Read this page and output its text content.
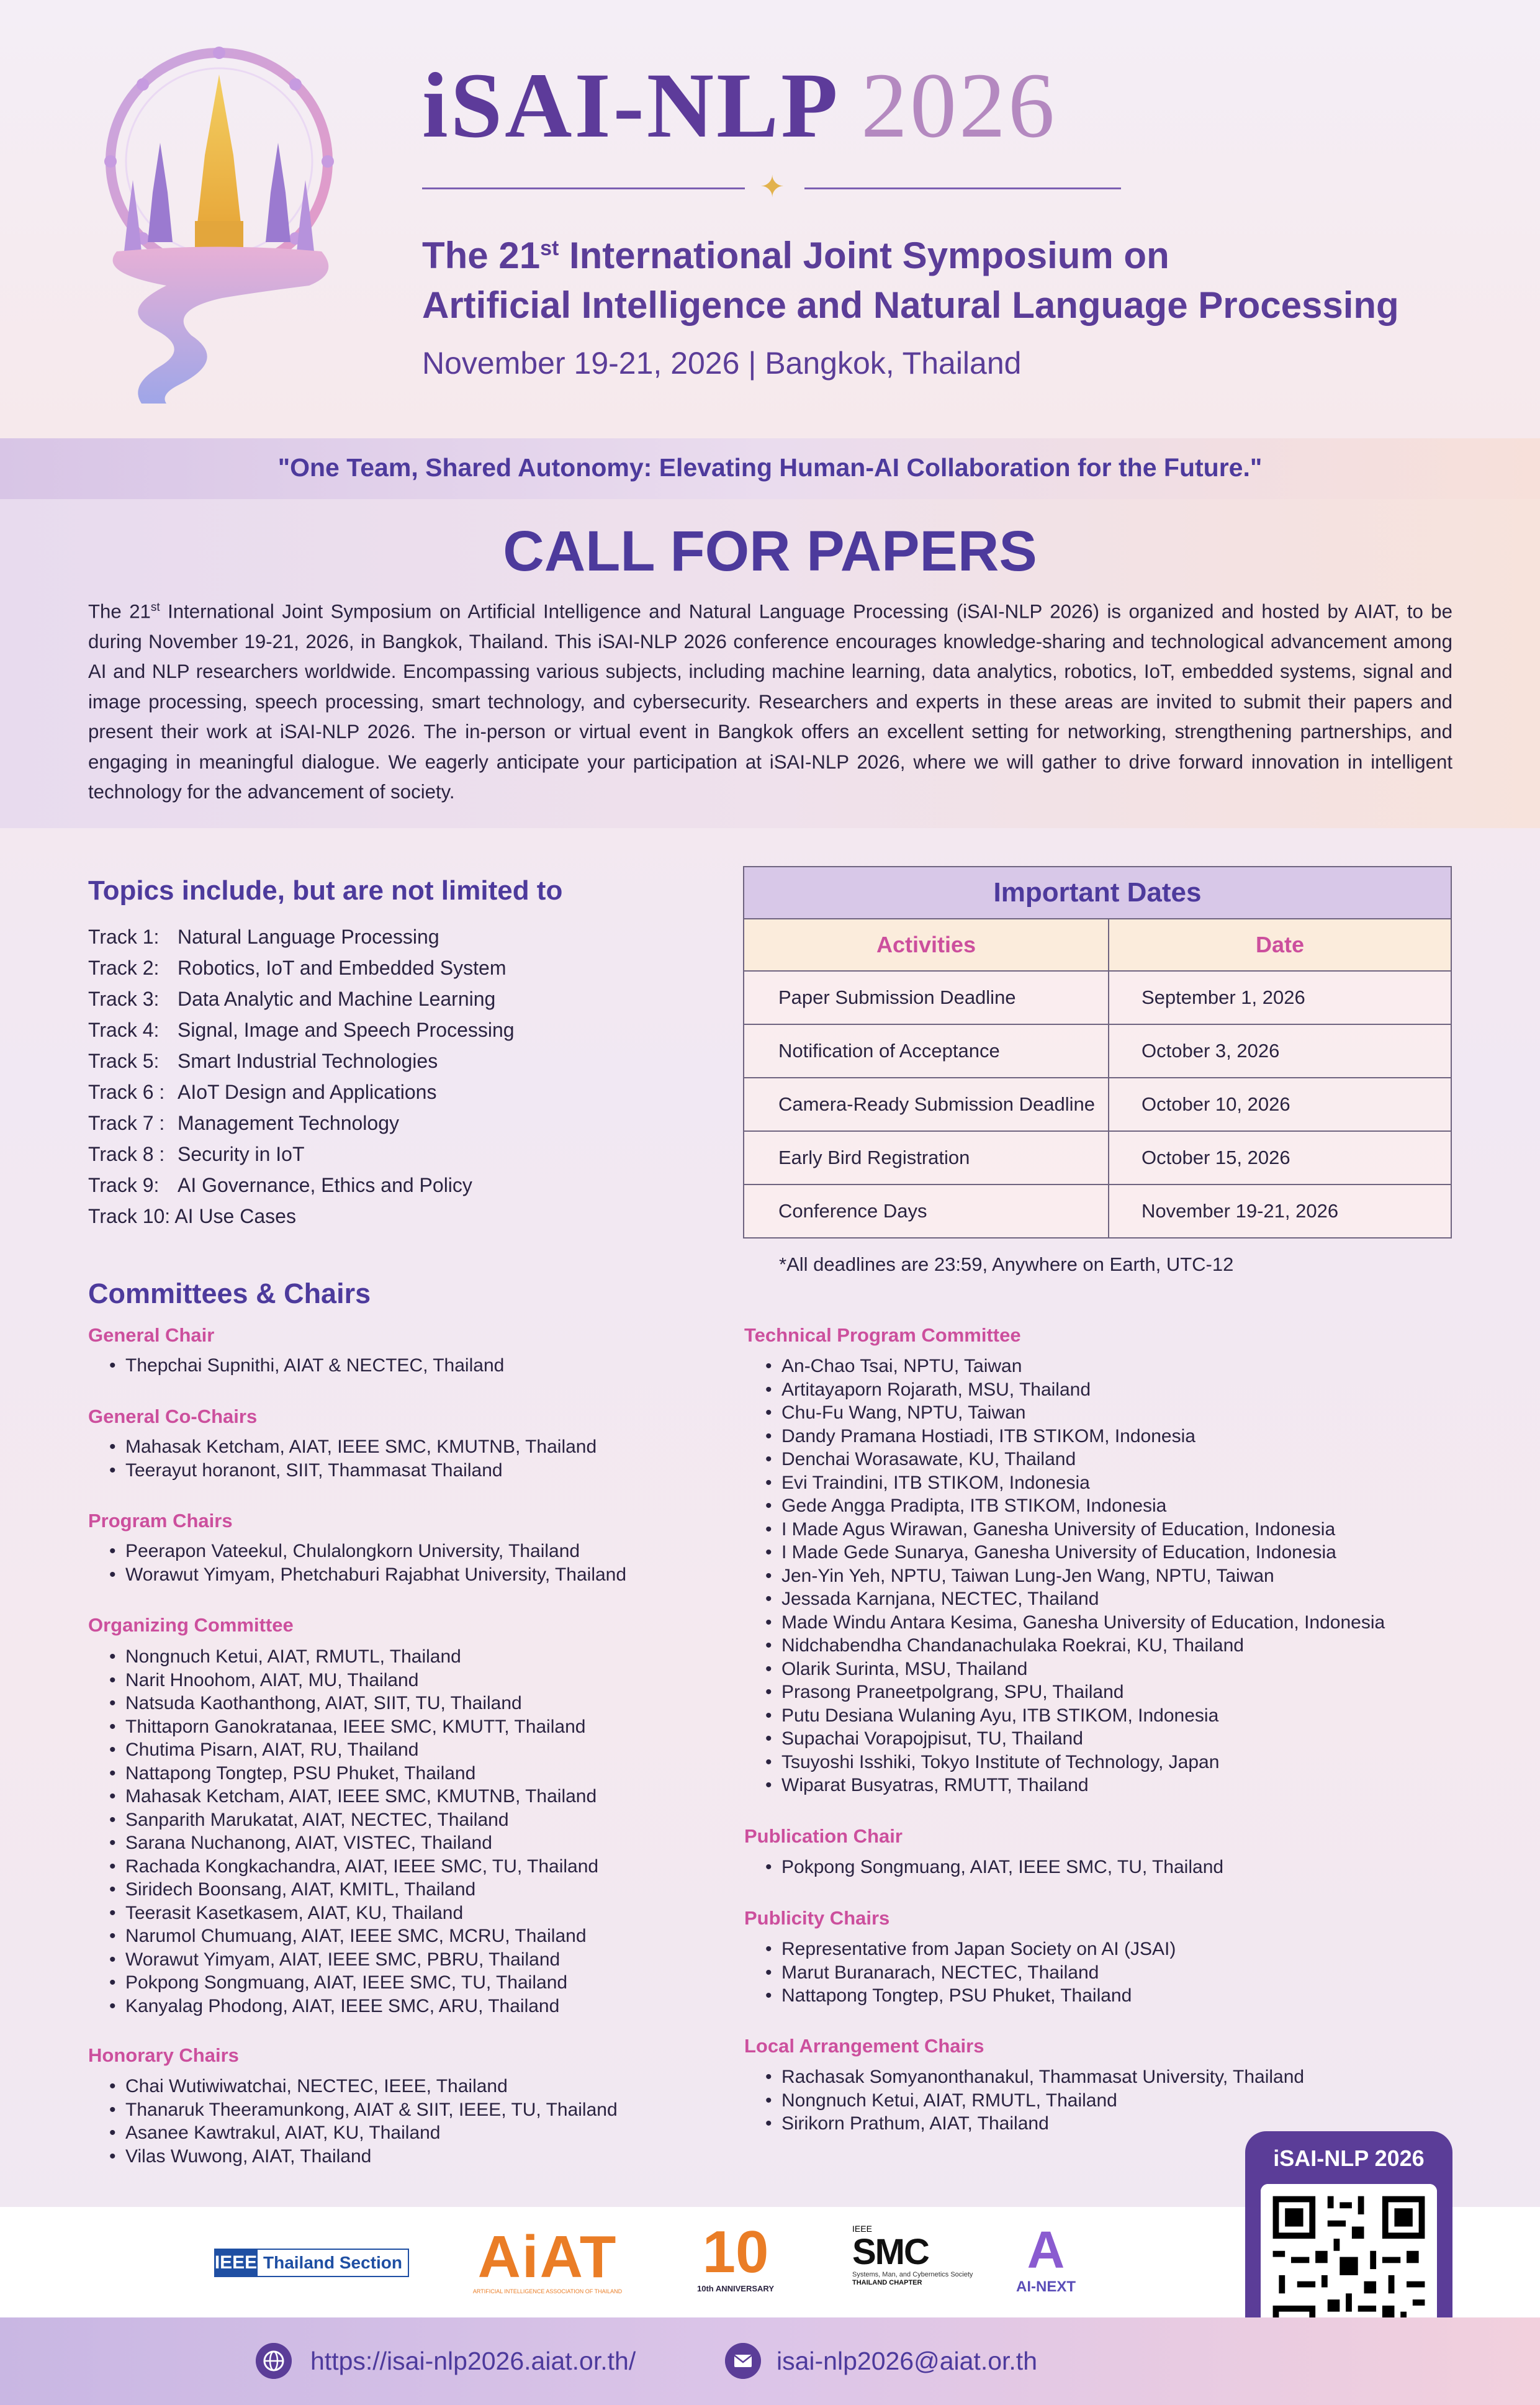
iSAI-NLP 2026
✦
The 21st International Joint Symposium on
Artificial Intelligence and Natural Language Processing
November 19-21, 2026 | Bangkok, Thailand
"One Team, Shared Autonomy: Elevating Human-AI Collaboration for the Future."
CALL FOR PAPERS
The 21st International Joint Symposium on Artificial Intelligence and Natural Language Processing (iSAI-NLP 2026) is organized and hosted by AIAT, to be during November 19-21, 2026, in Bangkok, Thailand. This iSAI-NLP 2026 conference encourages knowledge-sharing and technological advancement among AI and NLP researchers worldwide. Encompassing various subjects, including machine learning, data analytics, robotics, IoT, embedded systems, signal and image processing, speech processing, smart technology, and cybersecurity. Researchers and experts in these areas are invited to submit their papers and present their work at iSAI-NLP 2026. The in-person or virtual event in Bangkok offers an excellent setting for networking, strengthening partnerships, and engaging in meaningful dialogue. We eagerly anticipate your participation at iSAI-NLP 2026, where we will gather to drive forward innovation in intelligent technology for the advancement of society.
Topics include, but are not limited to
Track 1: Natural Language Processing
Track 2: Robotics, IoT and Embedded System
Track 3: Data Analytic and Machine Learning
Track 4: Signal, Image and Speech Processing
Track 5: Smart Industrial Technologies
Track 6 : AIoT Design and Applications
Track 7 : Management Technology
Track 8 : Security in IoT
Track 9: AI Governance, Ethics and Policy
Track 10: AI Use Cases
Important Dates	
Activities	Date
Paper Submission Deadline	September 1, 2026
Notification of Acceptance	October 3, 2026
Camera-Ready Submission Deadline	October 10, 2026
Early Bird Registration	October 15, 2026
Conference Days	November 19-21, 2026
*All deadlines are 23:59, Anywhere on Earth, UTC-12
Committees & Chairs
General Chair
• Thepchai Supnithi, AIAT & NECTEC, Thailand
General Co-Chairs
• Mahasak Ketcham, AIAT, IEEE SMC, KMUTNB, Thailand
• Teerayut horanont, SIIT, Thammasat Thailand
Program Chairs
• Peerapon Vateekul, Chulalongkorn University, Thailand
• Worawut Yimyam, Phetchaburi Rajabhat University, Thailand
Organizing Committee
• Nongnuch Ketui, AIAT, RMUTL, Thailand
• Narit Hnoohom, AIAT, MU, Thailand
• Natsuda Kaothanthong, AIAT, SIIT, TU, Thailand
• Thittaporn Ganokratanaa, IEEE SMC, KMUTT, Thailand
• Chutima Pisarn, AIAT, RU, Thailand
• Nattapong Tongtep, PSU Phuket, Thailand
• Mahasak Ketcham, AIAT, IEEE SMC, KMUTNB, Thailand
• Sanparith Marukatat, AIAT, NECTEC, Thailand
• Sarana Nuchanong, AIAT, VISTEC, Thailand
• Rachada Kongkachandra, AIAT, IEEE SMC, TU, Thailand
• Siridech Boonsang, AIAT, KMITL, Thailand
• Teerasit Kasetkasem, AIAT, KU, Thailand
• Narumol Chumuang, AIAT, IEEE SMC, MCRU, Thailand
• Worawut Yimyam, AIAT, IEEE SMC, PBRU, Thailand
• Pokpong Songmuang, AIAT, IEEE SMC, TU, Thailand
• Kanyalag Phodong, AIAT, IEEE SMC, ARU, Thailand
Honorary Chairs
• Chai Wutiwiwatchai, NECTEC, IEEE, Thailand
• Thanaruk Theeramunkong, AIAT & SIIT, IEEE, TU, Thailand
• Asanee Kawtrakul, AIAT, KU, Thailand
• Vilas Wuwong, AIAT, Thailand
Technical Program Committee
• An-Chao Tsai, NPTU, Taiwan
• Artitayaporn Rojarath, MSU, Thailand
• Chu-Fu Wang, NPTU, Taiwan
• Dandy Pramana Hostiadi, ITB STIKOM, Indonesia
• Denchai Worasawate, KU, Thailand
• Evi Traindini, ITB STIKOM, Indonesia
• Gede Angga Pradipta, ITB STIKOM, Indonesia
• I Made Agus Wirawan, Ganesha University of Education, Indonesia
• I Made Gede Sunarya, Ganesha University of Education, Indonesia
• Jen-Yin Yeh, NPTU, Taiwan Lung-Jen Wang, NPTU, Taiwan
• Jessada Karnjana, NECTEC, Thailand
• Made Windu Antara Kesima, Ganesha University of Education, Indonesia
• Nidchabendha Chandanachulaka Roekrai, KU, Thailand
• Olarik Surinta, MSU, Thailand
• Prasong Praneetpolgrang, SPU, Thailand
• Putu Desiana Wulaning Ayu, ITB STIKOM, Indonesia
• Supachai Vorapojpisut, TU, Thailand
• Tsuyoshi Isshiki, Tokyo Institute of Technology, Japan
• Wiparat Busyatras, RMUTT, Thailand
Publication Chair
• Pokpong Songmuang, AIAT, IEEE SMC, TU, Thailand
Publicity Chairs
• Representative from Japan Society on AI (JSAI)
• Marut Buranarach, NECTEC, Thailand
• Nattapong Tongtep, PSU Phuket, Thailand
Local Arrangement Chairs
• Rachasak Somyanonthanakul, Thammasat University, Thailand
• Nongnuch Ketui, AIAT, RMUTL, Thailand
• Sirikorn Prathum, AIAT, Thailand
IEEE Thailand Section AiAT
ARTIFICIAL INTELLIGENCE ASSOCIATION OF THAILAND
10
10th ANNIVERSARY
IEEE
SMC
Systems, Man, and Cybernetics Society
THAILAND CHAPTER
A
AI-NEXT
iSAI-NLP 2026
https://isai-nlp2026.aiat.or.th/	isai-nlp2026@aiat.or.th
